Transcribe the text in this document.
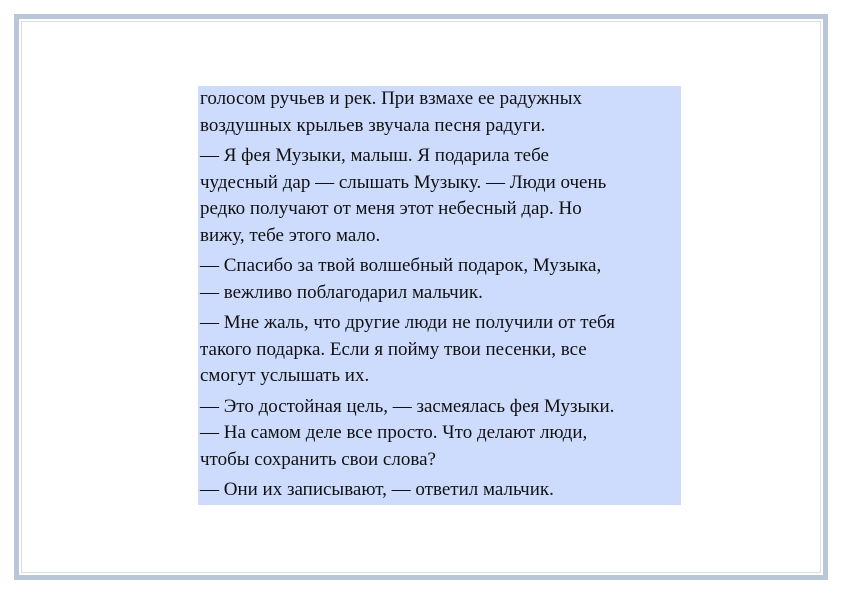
голосом ручьев и рек. При взмахе ее радужных
воздушных крыльев звучала песня радуги.

— Я фея Музыки, малыш. Я подарила тебе
чудесный дар — слышать Музыку. — Люди очень
редко получают от меня этот небесный дар. Но
вижу, тебе этого мало.

— Спасибо за твой волшебный подарок, Музыка,
— вежливо поблагодарил мальчик.

— Мне жаль, что другие люди не получили от тебя
такого подарка. Если я пойму твои песенки, все
смогут услышать их.

— Это достойная цель, — засмеялась фея Музыки.
— На самом деле все просто. Что делают люди,
чтобы сохранить свои слова?

— Они их записывают, — ответил мальчик.
